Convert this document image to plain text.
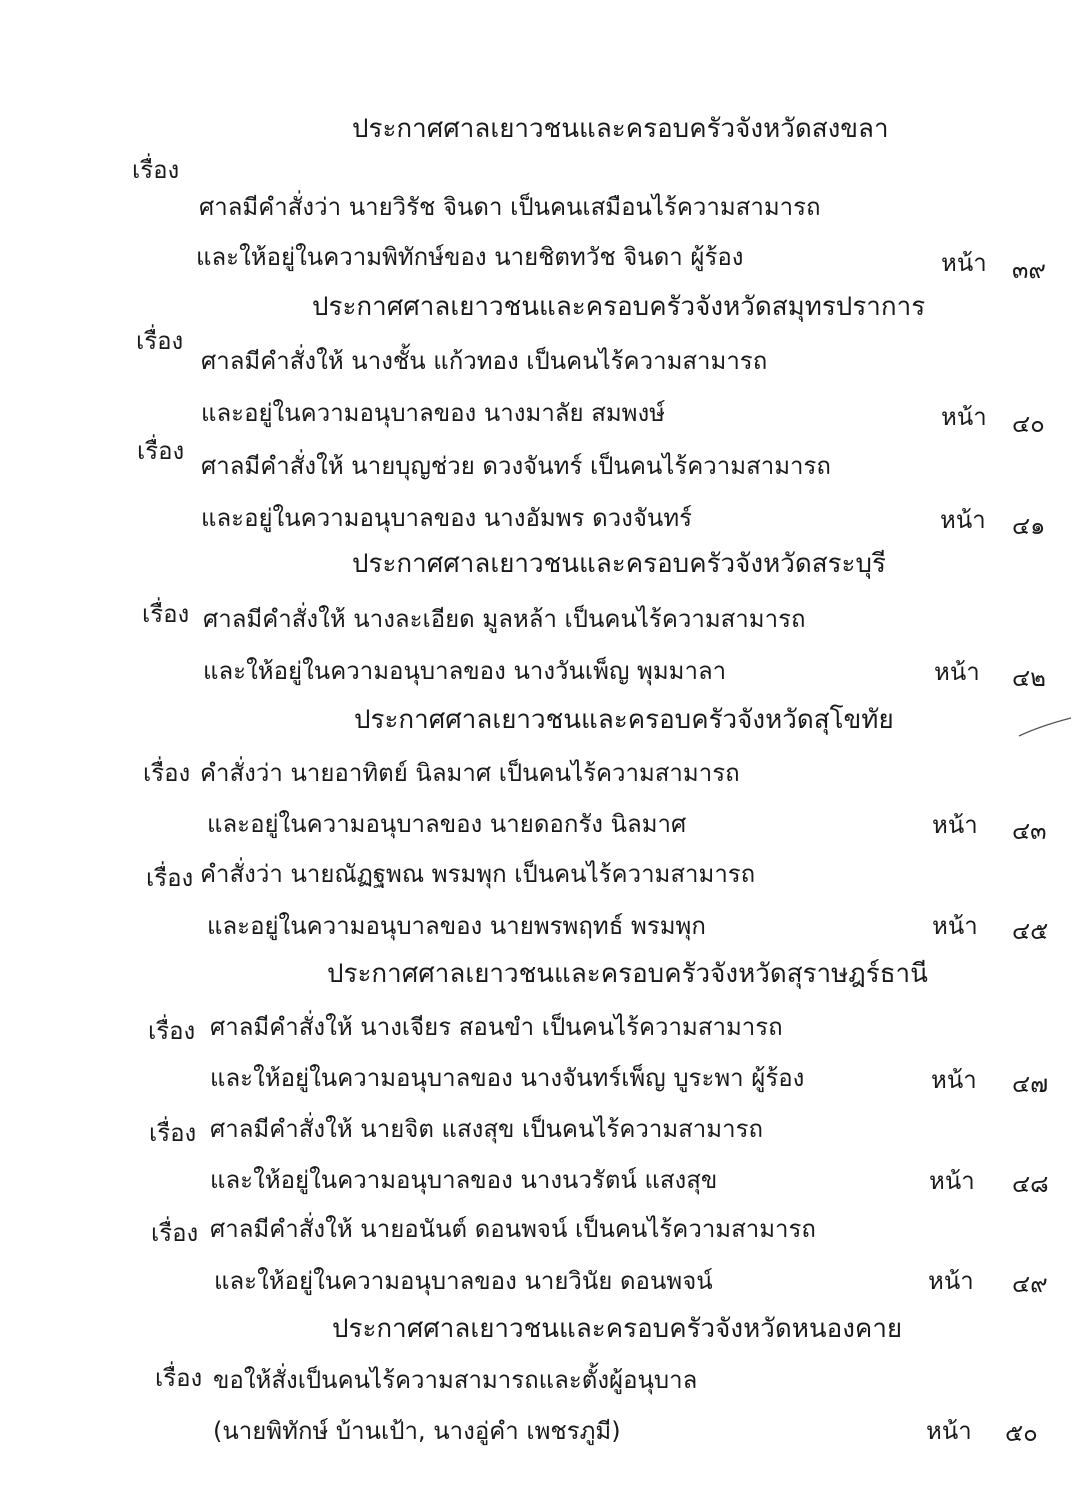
ประกาศศาลเยาวชนและครอบครัวจังหวัดสงขลา
เรื่อง
ศาลมีคำสั่งว่า นายวิรัช จินดา เป็นคนเสมือนไร้ความสามารถ
และให้อยู่ในความพิทักษ์ของ นายชิตทวัช จินดา ผู้ร้อง	หน้า ๓๙
ประกาศศาลเยาวชนและครอบครัวจังหวัดสมุทรปราการ
เรื่อง
ศาลมีคำสั่งให้ นางชั้น แก้วทอง เป็นคนไร้ความสามารถ
และอยู่ในความอนุบาลของ นางมาลัย สมพงษ์	หน้า ๔๐
เรื่อง
ศาลมีคำสั่งให้ นายบุญช่วย ดวงจันทร์ เป็นคนไร้ความสามารถ
และอยู่ในความอนุบาลของ นางอัมพร ดวงจันทร์	หน้า ๔๑
ประกาศศาลเยาวชนและครอบครัวจังหวัดสระบุรี
เรื่อง ศาลมีคำสั่งให้ นางละเอียด มูลหล้า เป็นคนไร้ความสามารถ
และให้อยู่ในความอนุบาลของ นางวันเพ็ญ พุมมาลา	หน้า ๔๒
ประกาศศาลเยาวชนและครอบครัวจังหวัดสุโขทัย
เรื่อง คำสั่งว่า นายอาทิตย์ นิลมาศ เป็นคนไร้ความสามารถ
และอยู่ในความอนุบาลของ นายดอกรัง นิลมาศ	หน้า ๔๓
เรื่อง คำสั่งว่า นายณัฏฐพณ พรมพุก เป็นคนไร้ความสามารถ
และอยู่ในความอนุบาลของ นายพรพฤทธ์ พรมพุก	หน้า ๔๕
ประกาศศาลเยาวชนและครอบครัวจังหวัดสุราษฎร์ธานี
เรื่อง ศาลมีคำสั่งให้ นางเจียร สอนขำ เป็นคนไร้ความสามารถ
และให้อยู่ในความอนุบาลของ นางจันทร์เพ็ญ บูระพา ผู้ร้อง	หน้า ๔๗
เรื่อง ศาลมีคำสั่งให้ นายจิต แสงสุข เป็นคนไร้ความสามารถ
และให้อยู่ในความอนุบาลของ นางนวรัตน์ แสงสุข	หน้า ๔๘
เรื่อง ศาลมีคำสั่งให้ นายอนันต์ ดอนพจน์ เป็นคนไร้ความสามารถ
และให้อยู่ในความอนุบาลของ นายวินัย ดอนพจน์	หน้า ๔๙
ประกาศศาลเยาวชนและครอบครัวจังหวัดหนองคาย
เรื่อง ขอให้สั่งเป็นคนไร้ความสามารถและตั้งผู้อนุบาล
(นายพิทักษ์ บ้านเป้า, นางอู่คำ เพชรภูมี)	หน้า ๕๐
